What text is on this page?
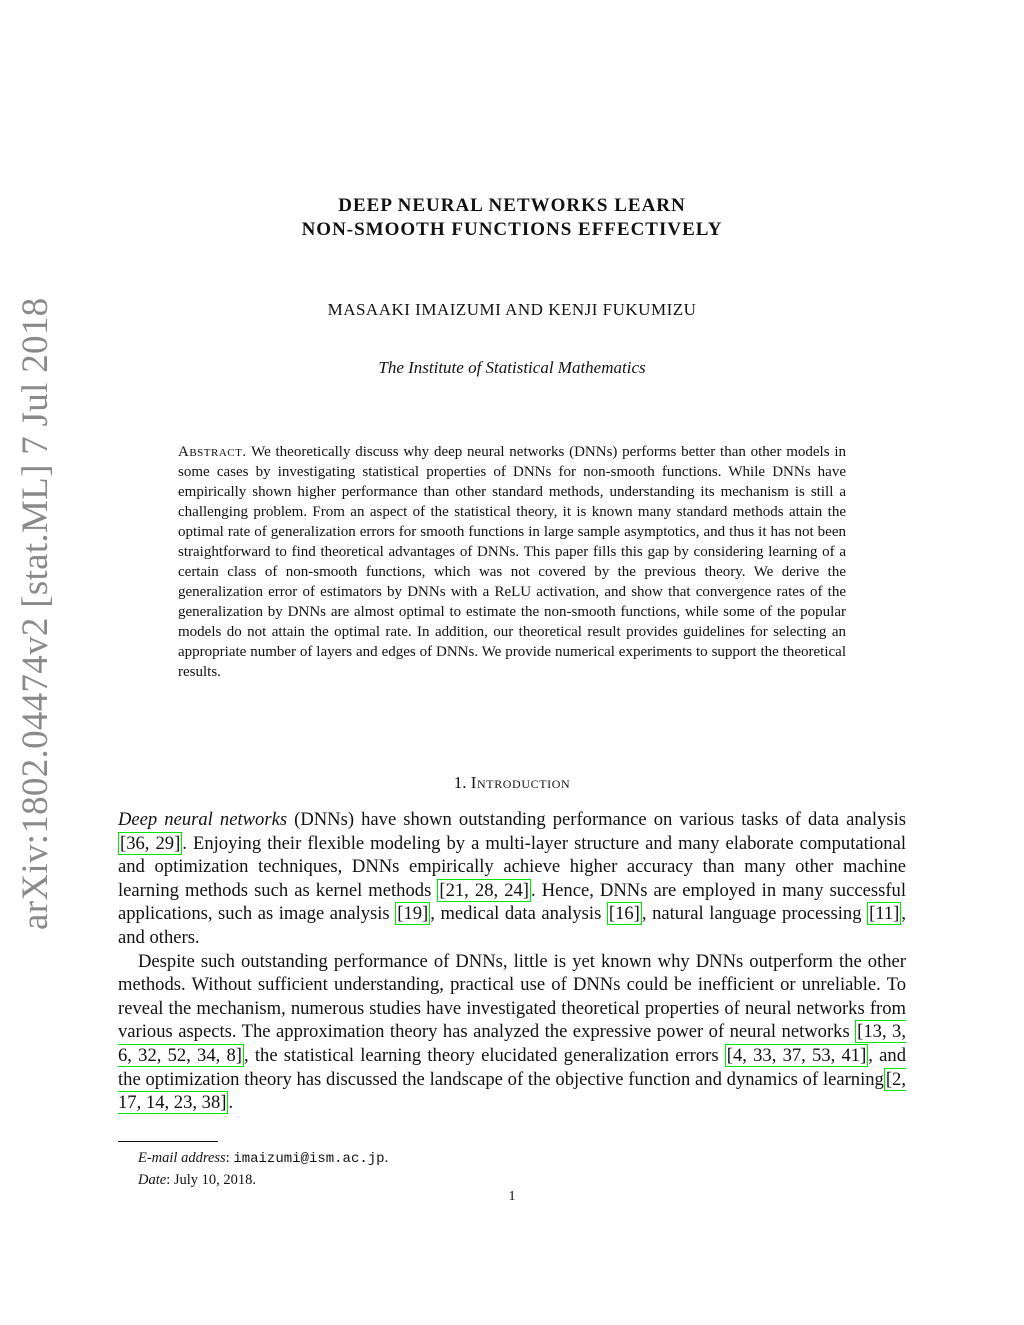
arXiv:1802.04474v2 [stat.ML] 7 Jul 2018
DEEP NEURAL NETWORKS LEARN
NON-SMOOTH FUNCTIONS EFFECTIVELY
MASAAKI IMAIZUMI AND KENJI FUKUMIZU
The Institute of Statistical Mathematics
Abstract. We theoretically discuss why deep neural networks (DNNs) performs better than other models in some cases by investigating statistical properties of DNNs for non-smooth functions. While DNNs have empirically shown higher performance than other standard methods, understanding its mechanism is still a challenging problem. From an aspect of the statistical theory, it is known many standard methods attain the optimal rate of generalization errors for smooth functions in large sample asymptotics, and thus it has not been straightforward to find theoretical advantages of DNNs. This paper fills this gap by considering learning of a certain class of non-smooth functions, which was not covered by the previous theory. We derive the generalization error of estimators by DNNs with a ReLU activation, and show that convergence rates of the generalization by DNNs are almost optimal to estimate the non-smooth functions, while some of the popular models do not attain the optimal rate. In addition, our theoretical result provides guidelines for selecting an appropriate number of layers and edges of DNNs. We provide numerical experiments to support the theoretical results.
1. Introduction

Deep neural networks (DNNs) have shown outstanding performance on various tasks of data analysis [36, 29] . Enjoying their flexible modeling by a multi-layer structure and many elaborate computational and optimization techniques, DNNs empirically achieve higher accuracy than many other machine learning methods such as kernel methods [21, 28, 24] . Hence, DNNs are employed in many successful applications, such as image analysis [19] , medical data analysis [16] , natural language processing [11] , and others.

Despite such outstanding performance of DNNs, little is yet known why DNNs outperform the other methods. Without sufficient understanding, practical use of DNNs could be inefficient or unreliable. To reveal the mechanism, numerous studies have investigated theoretical properties of neural networks from various aspects. The approximation theory has analyzed the expressive power of neural networks [13, 3, 6, 32, 52, 34, 8] , the statistical learning theory elucidated generalization errors [4, 33, 37, 53, 41] , and the optimization theory has discussed the landscape of the objective function and dynamics of learning [2, 17, 14, 23, 38] .

E-mail address: imaizumi@ism.ac.jp.
Date: July 10, 2018.
1
